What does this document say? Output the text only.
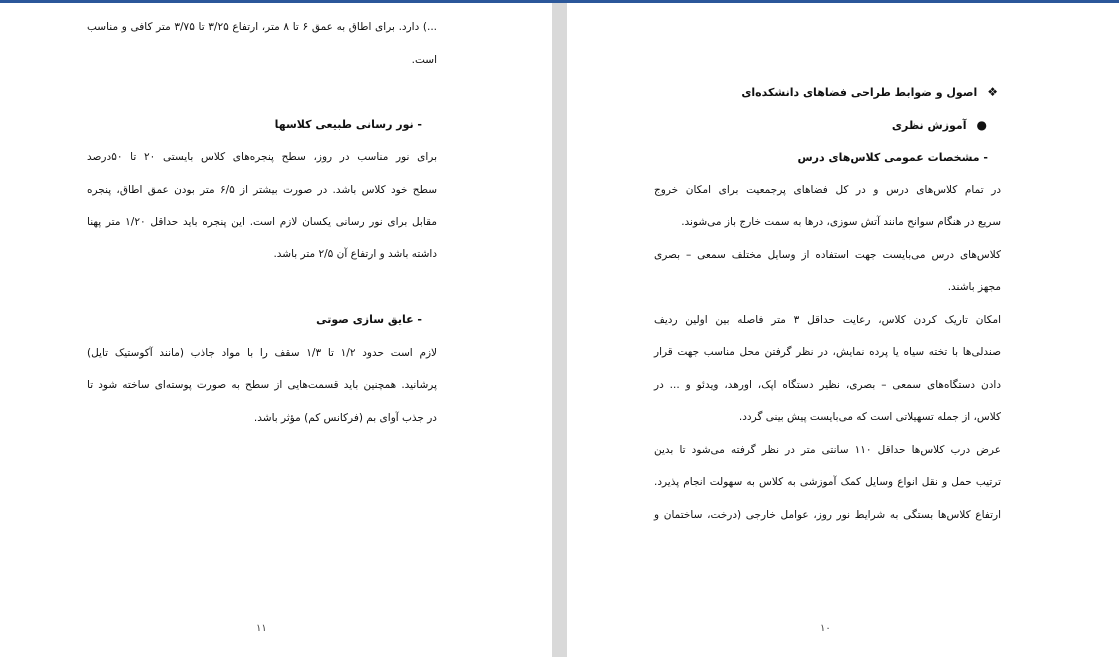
...) دارد. برای اطاق به عمق ۶ تا ۸ متر، ارتفاع ۳/۲۵ تا ۳/۷۵ متر کافی و مناسب
است.
- نور رسانی طبیعی کلاسها
برای نور مناسب در روز، سطح پنجره‌های کلاس بایستی ۲۰ تا ۵۰درصد
سطح خود کلاس باشد. در صورت بیشتر از ۶/۵ متر بودن عمق اطاق، پنجره
مقابل برای نور رسانی یکسان لازم است. این پنجره باید حداقل ۱/۲۰ متر پهنا
داشته باشد و ارتفاع آن ۲/۵ متر باشد.
- عایق سازی صوتی
لازم است حدود ۱/۲ تا ۱/۳ سقف را با مواد جاذب (مانند آکوستیک تایل)
پرشانید. همچنین باید قسمت‌هایی از سطح به صورت پوسته‌ای ساخته شود تا
در جذب آوای بم (فرکانس کم) مؤثر باشد.
۱۱
❖اصول و ضوابط طراحی فضاهای دانشکده‌ای
●آموزش نظری
- مشخصات عمومی کلاس‌های درس
در تمام کلاس‌های درس و در کل فضاهای پرجمعیت برای امکان خروج
سریع در هنگام سوانح مانند آتش سوزی، درها به سمت خارج باز می‌شوند.
کلاس‌های درس می‌بایست جهت استفاده از وسایل مختلف سمعی – بصری
مجهز باشند.
امکان تاریک کردن کلاس، رعایت حداقل ۳ متر فاصله بین اولین ردیف
صندلی‌ها با تخته سیاه یا پرده نمایش، در نظر گرفتن محل مناسب جهت قرار
دادن دستگاه‌های سمعی – بصری، نظیر دستگاه اپک، اورهد، ویدئو و ... در
کلاس، از جمله تسهیلاتی است که می‌بایست پیش بینی گردد.
عرض درب کلاس‌ها حداقل ۱۱۰ سانتی متر در نظر گرفته می‌شود تا بدین
ترتیب حمل و نقل انواع وسایل کمک آموزشی به کلاس به سهولت انجام پذیرد.
ارتفاع کلاس‌ها بستگی به شرایط نور روز، عوامل خارجی (درخت، ساختمان و
۱۰
